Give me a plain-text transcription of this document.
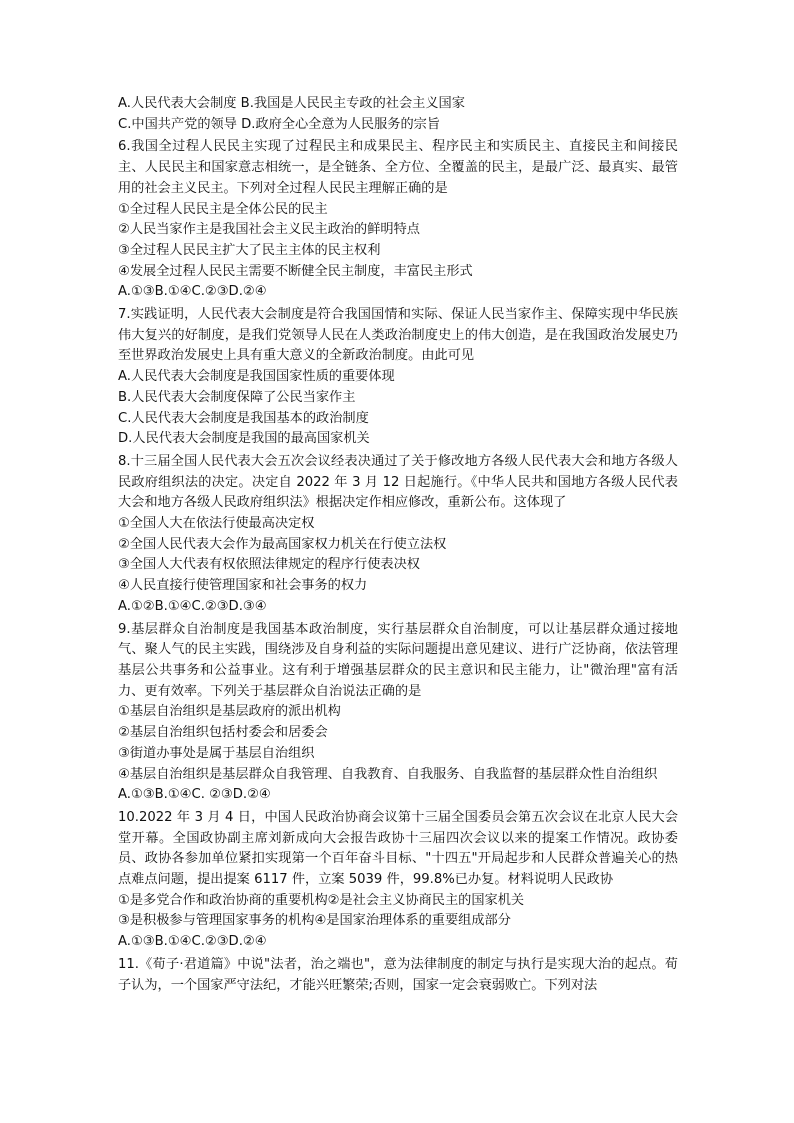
A.人民代表大会制度 B.我国是人民民主专政的社会主义国家
C.中国共产党的领导 D.政府全心全意为人民服务的宗旨
6.我国全过程人民民主实现了过程民主和成果民主、程序民主和实质民主、直接民主和间接民主、人民民主和国家意志相统一，是全链条、全方位、全覆盖的民主，是最广泛、最真实、最管用的社会主义民主。下列对全过程人民民主理解正确的是
①全过程人民民主是全体公民的民主
②人民当家作主是我国社会主义民主政治的鲜明特点
③全过程人民民主扩大了民主主体的民主权利
④发展全过程人民民主需要不断健全民主制度，丰富民主形式
A.①③B.①④C.②③D.②④
7.实践证明，人民代表大会制度是符合我国国情和实际、保证人民当家作主、保障实现中华民族伟大复兴的好制度，是我们党领导人民在人类政治制度史上的伟大创造，是在我国政治发展史乃至世界政治发展史上具有重大意义的全新政治制度。由此可见
A.人民代表大会制度是我国国家性质的重要体现
B.人民代表大会制度保障了公民当家作主
C.人民代表大会制度是我国基本的政治制度
D.人民代表大会制度是我国的最高国家机关
8.十三届全国人民代表大会五次会议经表决通过了关于修改地方各级人民代表大会和地方各级人民政府组织法的决定。决定自 2022 年 3 月 12 日起施行。《中华人民共和国地方各级人民代表大会和地方各级人民政府组织法》根据决定作相应修改，重新公布。这体现了
①全国人大在依法行使最高决定权
②全国人民代表大会作为最高国家权力机关在行使立法权
③全国人大代表有权依照法律规定的程序行使表决权
④人民直接行使管理国家和社会事务的权力
A.①②B.①④C.②③D.③④
9.基层群众自治制度是我国基本政治制度，实行基层群众自治制度，可以让基层群众通过接地气、聚人气的民主实践，围绕涉及自身利益的实际问题提出意见建议、进行广泛协商，依法管理基层公共事务和公益事业。这有利于增强基层群众的民主意识和民主能力，让"微治理"富有活力、更有效率。下列关于基层群众自治说法正确的是
①基层自治组织是基层政府的派出机构
②基层自治组织包括村委会和居委会
③街道办事处是属于基层自治组织
④基层自治组织是基层群众自我管理、自我教育、自我服务、自我监督的基层群众性自治组织
A.①③B.①④C. ②③D.②④
10.2022 年 3 月 4 日，中国人民政治协商会议第十三届全国委员会第五次会议在北京人民大会堂开幕。全国政协副主席刘新成向大会报告政协十三届四次会议以来的提案工作情况。政协委员、政协各参加单位紧扣实现第一个百年奋斗目标、"十四五"开局起步和人民群众普遍关心的热点难点问题，提出提案 6117 件，立案 5039 件，99.8%已办复。材料说明人民政协
①是多党合作和政治协商的重要机构②是社会主义协商民主的国家机关
③是积极参与管理国家事务的机构④是国家治理体系的重要组成部分
A.①③B.①④C.②③D.②④
11.《荀子·君道篇》中说"法者，治之端也"，意为法律制度的制定与执行是实现大治的起点。荀子认为，一个国家严守法纪，才能兴旺繁荣;否则，国家一定会衰弱败亡。下列对法
